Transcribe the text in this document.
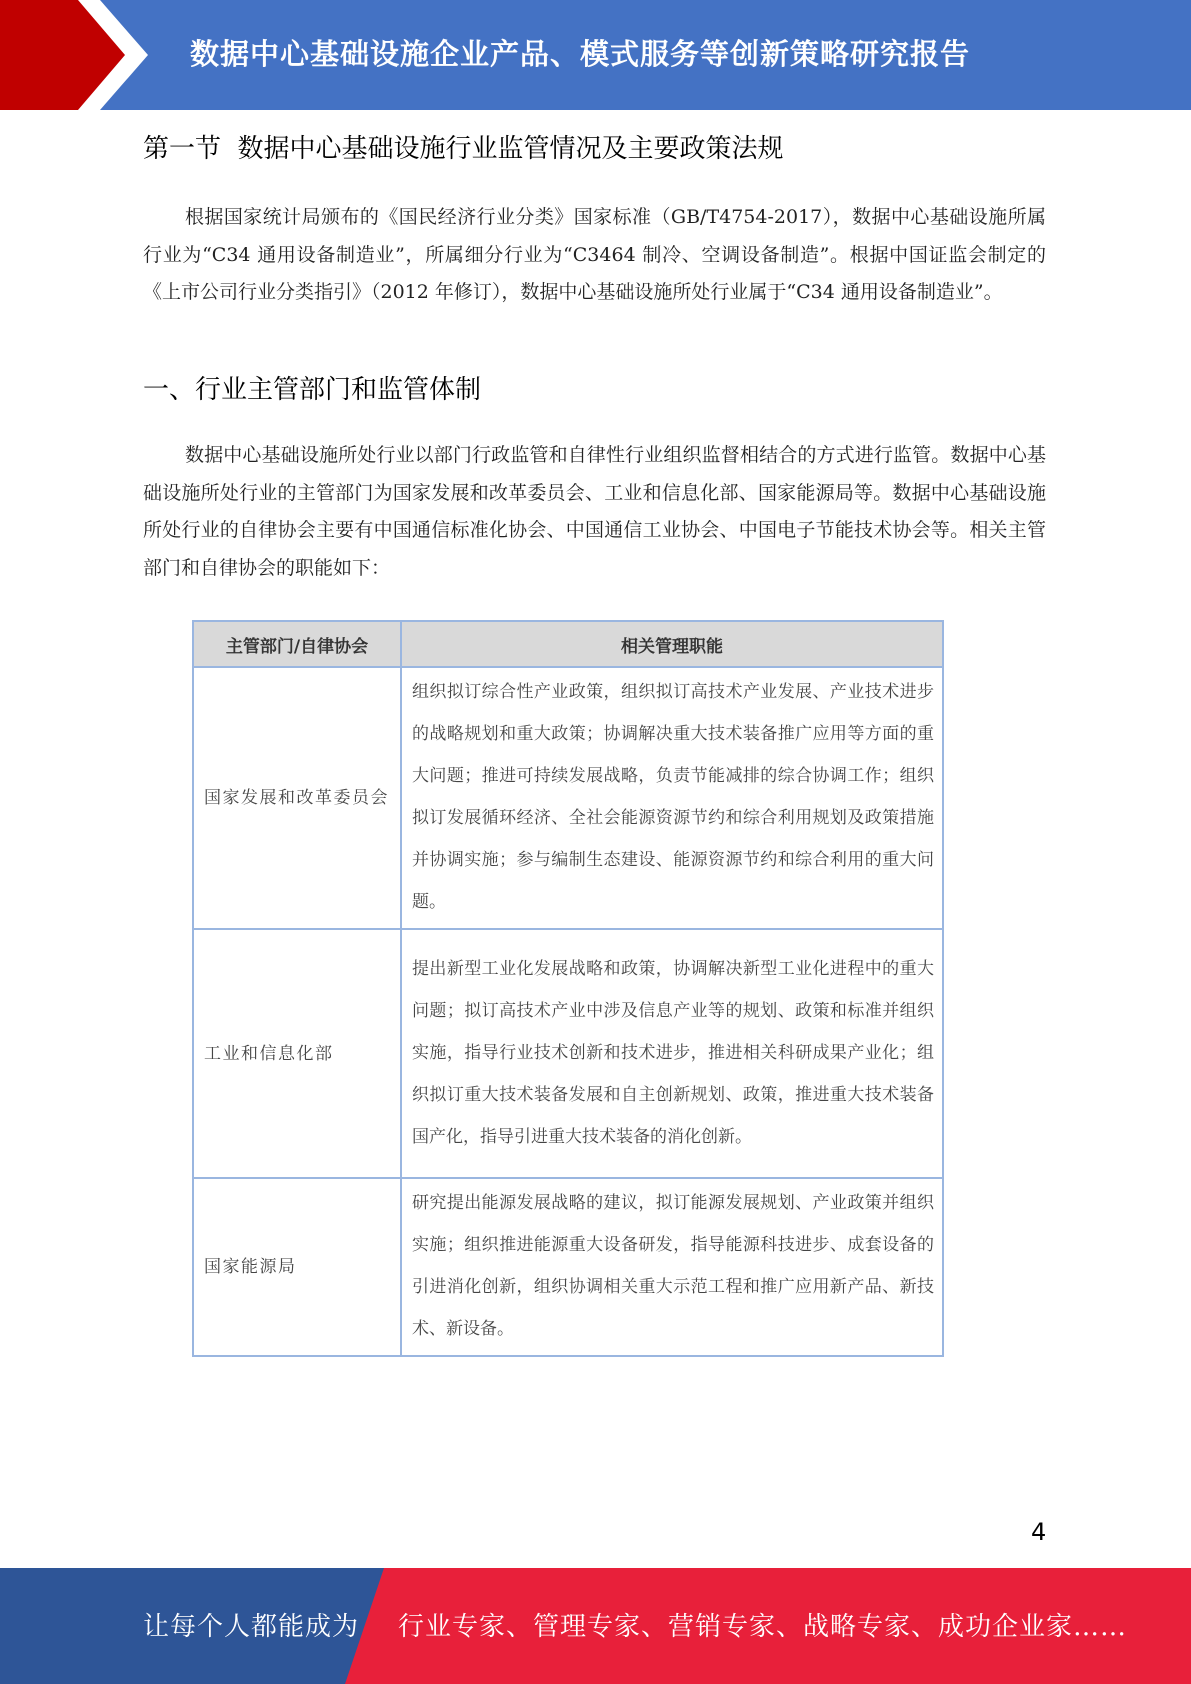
数据中心基础设施企业产品、模式服务等创新策略研究报告
第一节  数据中心基础设施行业监管情况及主要政策法规

根据国家统计局颁布的《国民经济行业分类》国家标准（GB/T4754-2017），数据中心基础设施所属行业为“C34 通用设备制造业”，所属细分行业为“C3464 制冷、空调设备制造”。根据中国证监会制定的《上市公司行业分类指引》（2012 年修订），数据中心基础设施所处行业属于“C34 通用设备制造业”。

一、行业主管部门和监管体制

数据中心基础设施所处行业以部门行政监管和自律性行业组织监督相结合的方式进行监管。数据中心基础设施所处行业的主管部门为国家发展和改革委员会、工业和信息化部、国家能源局等。数据中心基础设施所处行业的自律协会主要有中国通信标准化协会、中国通信工业协会、中国电子节能技术协会等。相关主管部门和自律协会的职能如下：

主管部门/自律协会	相关管理职能
国家发展和改革委员会	组织拟订综合性产业政策，组织拟订高技术产业发展、产业技术进步的战略规划和重大政策；协调解决重大技术装备推广应用等方面的重大问题；推进可持续发展战略，负责节能减排的综合协调工作；组织拟订发展循环经济、全社会能源资源节约和综合利用规划及政策措施并协调实施；参与编制生态建设、能源资源节约和综合利用的重大问题。
工业和信息化部	提出新型工业化发展战略和政策，协调解决新型工业化进程中的重大问题；拟订高技术产业中涉及信息产业等的规划、政策和标准并组织实施，指导行业技术创新和技术进步，推进相关科研成果产业化；组织拟订重大技术装备发展和自主创新规划、政策，推进重大技术装备国产化，指导引进重大技术装备的消化创新。
国家能源局	研究提出能源发展战略的建议，拟订能源发展规划、产业政策并组织实施；组织推进能源重大设备研发，指导能源科技进步、成套设备的引进消化创新，组织协调相关重大示范工程和推广应用新产品、新技术、新设备。
4
让每个人都能成为 行业专家、管理专家、营销专家、战略专家、成功企业家……
